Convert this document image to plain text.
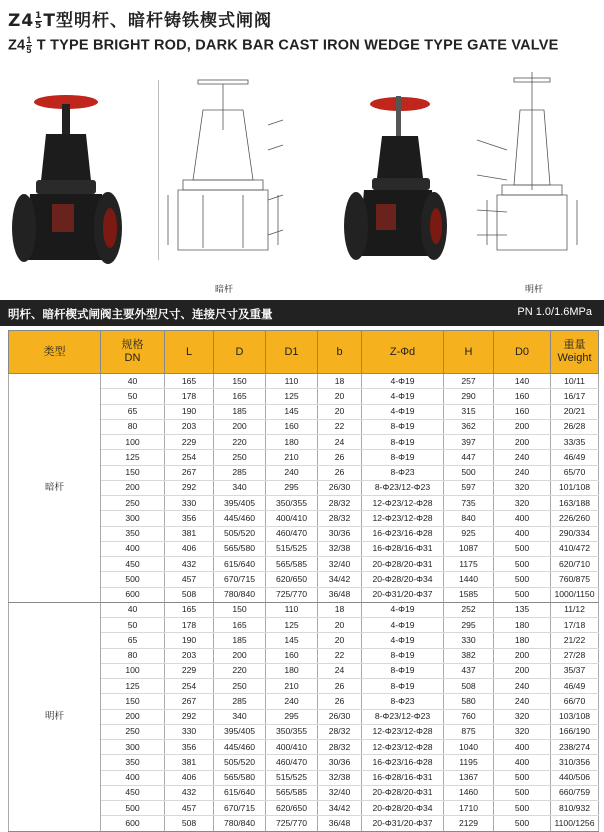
$Z4 \frac{1}{5}$ T型明杆、暗杆铸铁楔式闸阀
$Z4 \frac{1}{5}$ T TYPE BRIGHT ROD, DARK BAR CAST IRON WEDGE TYPE GATE VALVE
暗杆	明杆
明杆、暗杆楔式闸阀主要外型尺寸、连接尺寸及重量	PN 1.0/1.6MPa
类型	规格
DN	L	D	D1	b	Z-Φd	H	D0	重量
Weight
暗杆	40	165	150	110	18	4-Φ19	257	140	10/11
	50	178	165	125	20	4-Φ19	290	160	16/17
	65	190	185	145	20	4-Φ19	315	160	20/21
	80	203	200	160	22	8-Φ19	362	200	26/28
	100	229	220	180	24	8-Φ19	397	200	33/35
	125	254	250	210	26	8-Φ19	447	240	46/49
	150	267	285	240	26	8-Φ23	500	240	65/70
	200	292	340	295	26/30	8-Φ23/12-Φ23	597	320	101/108
	250	330	395/405	350/355	28/32	12-Φ23/12-Φ28	735	320	163/188
	300	356	445/460	400/410	28/32	12-Φ23/12-Φ28	840	400	226/260
	350	381	505/520	460/470	30/36	16-Φ23/16-Φ28	925	400	290/334
	400	406	565/580	515/525	32/38	16-Φ28/16-Φ31	1087	500	410/472
	450	432	615/640	565/585	32/40	20-Φ28/20-Φ31	1175	500	620/710
	500	457	670/715	620/650	34/42	20-Φ28/20-Φ34	1440	500	760/875
	600	508	780/840	725/770	36/48	20-Φ31/20-Φ37	1585	500	1000/1150
明杆	40	165	150	110	18	4-Φ19	252	135	11/12
	50	178	165	125	20	4-Φ19	295	180	17/18
	65	190	185	145	20	4-Φ19	330	180	21/22
	80	203	200	160	22	8-Φ19	382	200	27/28
	100	229	220	180	24	8-Φ19	437	200	35/37
	125	254	250	210	26	8-Φ19	508	240	46/49
	150	267	285	240	26	8-Φ23	580	240	66/70
	200	292	340	295	26/30	8-Φ23/12-Φ23	760	320	103/108
	250	330	395/405	350/355	28/32	12-Φ23/12-Φ28	875	320	166/190
	300	356	445/460	400/410	28/32	12-Φ23/12-Φ28	1040	400	238/274
	350	381	505/520	460/470	30/36	16-Φ23/16-Φ28	1195	400	310/356
	400	406	565/580	515/525	32/38	16-Φ28/16-Φ31	1367	500	440/506
	450	432	615/640	565/585	32/40	20-Φ28/20-Φ31	1460	500	660/759
	500	457	670/715	620/650	34/42	20-Φ28/20-Φ34	1710	500	810/932
	600	508	780/840	725/770	36/48	20-Φ31/20-Φ37	2129	500	1100/1256
